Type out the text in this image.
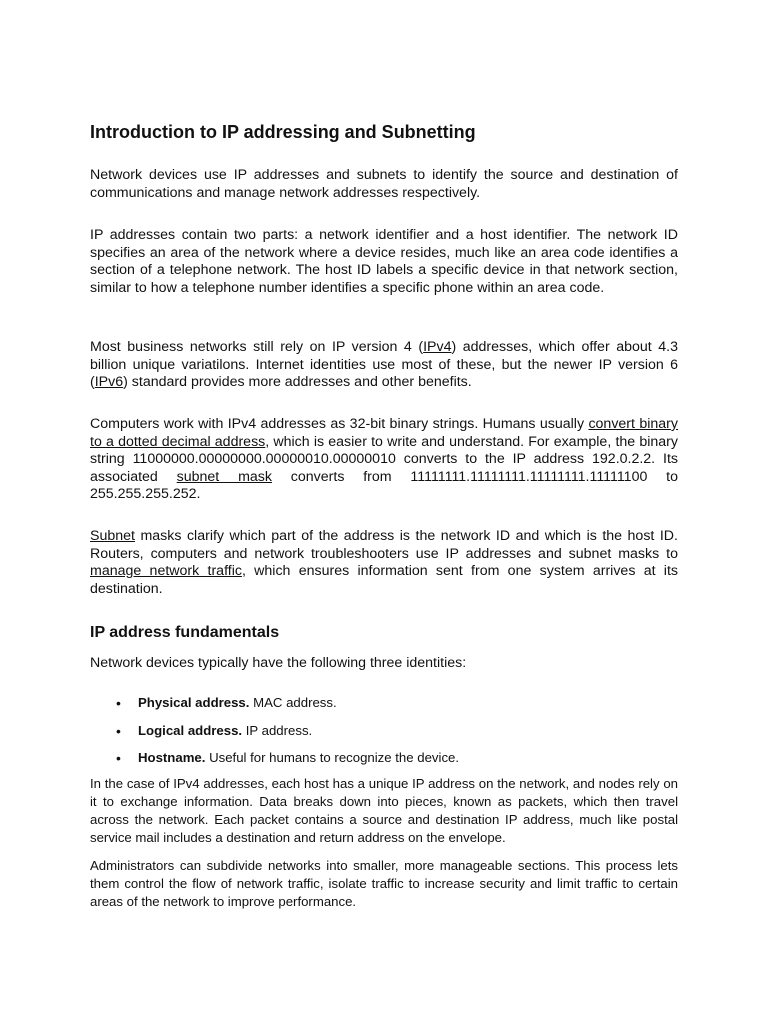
Introduction to IP addressing and Subnetting

Network devices use IP addresses and subnets to identify the source and destination of communications and manage network addresses respectively.

IP addresses contain two parts: a network identifier and a host identifier. The network ID specifies an area of the network where a device resides, much like an area code identifies a section of a telephone network. The host ID labels a specific device in that network section, similar to how a telephone number identifies a specific phone within an area code.

Most business networks still rely on IP version 4 (IPv4) addresses, which offer about 4.3 billion unique variatilons. Internet identities use most of these, but the newer IP version 6 (IPv6) standard provides more addresses and other benefits.

Computers work with IPv4 addresses as 32-bit binary strings. Humans usually convert binary to a dotted decimal address, which is easier to write and understand. For example, the binary string 11000000.00000000.00000010.00000010 converts to the IP address 192.0.2.2. Its associated subnet mask converts from 11111111.11111111.11111111.11111100 to 255.255.255.252.

Subnet masks clarify which part of the address is the network ID and which is the host ID. Routers, computers and network troubleshooters use IP addresses and subnet masks to manage network traffic, which ensures information sent from one system arrives at its destination.

IP address fundamentals

Network devices typically have the following three identities:

• Physical address. MAC address.
• Logical address. IP address.
• Hostname. Useful for humans to recognize the device.

In the case of IPv4 addresses, each host has a unique IP address on the network, and nodes rely on it to exchange information. Data breaks down into pieces, known as packets, which then travel across the network. Each packet contains a source and destination IP address, much like postal service mail includes a destination and return address on the envelope.

Administrators can subdivide networks into smaller, more manageable sections. This process lets them control the flow of network traffic, isolate traffic to increase security and limit traffic to certain areas of the network to improve performance.
